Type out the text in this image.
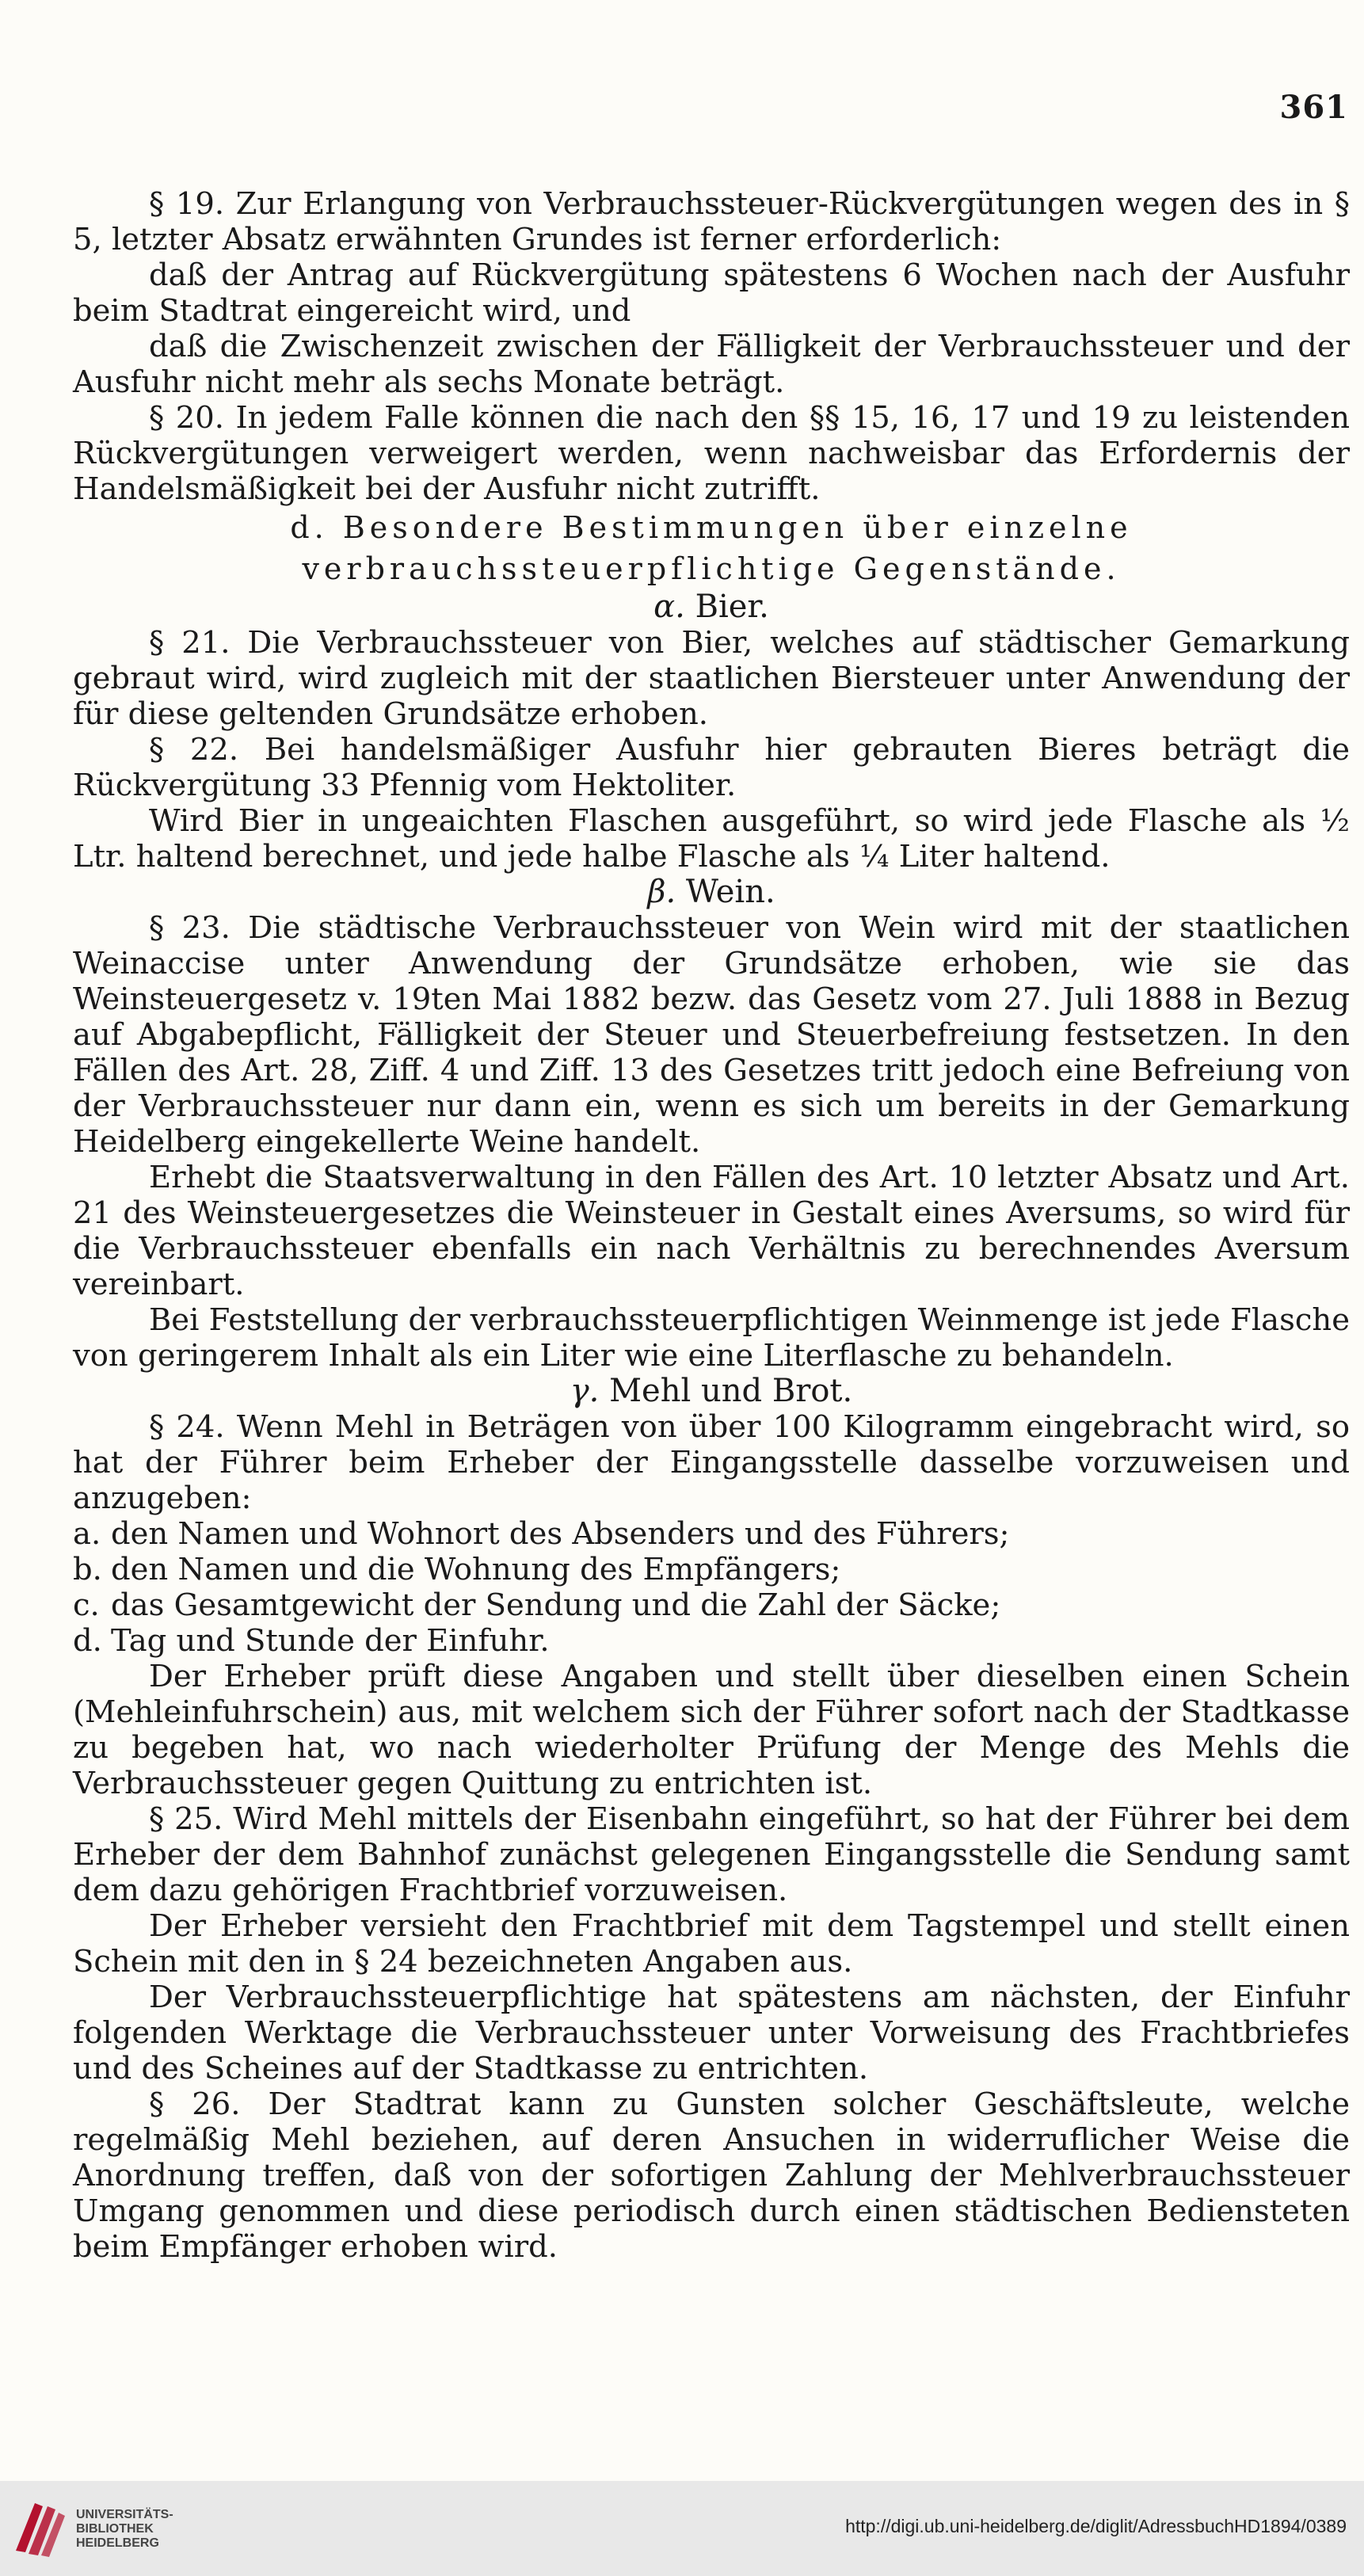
361

§ 19. Zur Erlangung von Verbrauchssteuer-Rückvergütungen wegen des in § 5, letzter Absatz erwähnten Grundes ist ferner erforderlich:

daß der Antrag auf Rückvergütung spätestens 6 Wochen nach der Ausfuhr beim Stadtrat eingereicht wird, und

daß die Zwischenzeit zwischen der Fälligkeit der Verbrauchssteuer und der Ausfuhr nicht mehr als sechs Monate beträgt.

§ 20. In jedem Falle können die nach den §§ 15, 16, 17 und 19 zu leistenden Rückvergütungen verweigert werden, wenn nachweisbar das Erfordernis der Handelsmäßigkeit bei der Ausfuhr nicht zutrifft.

d. Besondere Bestimmungen über einzelne verbrauchssteuerpflichtige Gegenstände.

α. Bier.

§ 21. Die Verbrauchssteuer von Bier, welches auf städtischer Gemarkung gebraut wird, wird zugleich mit der staatlichen Biersteuer unter Anwendung der für diese geltenden Grundsätze erhoben.

§ 22. Bei handelsmäßiger Ausfuhr hier gebrauten Bieres beträgt die Rückvergütung 33 Pfennig vom Hektoliter.

Wird Bier in ungeaichten Flaschen ausgeführt, so wird jede Flasche als ½ Ltr. haltend berechnet, und jede halbe Flasche als ¼ Liter haltend.

β. Wein.

§ 23. Die städtische Verbrauchssteuer von Wein wird mit der staatlichen Weinaccise unter Anwendung der Grundsätze erhoben, wie sie das Weinsteuergesetz v. 19ten Mai 1882 bezw. das Gesetz vom 27. Juli 1888 in Bezug auf Abgabepflicht, Fälligkeit der Steuer und Steuerbefreiung festsetzen. In den Fällen des Art. 28, Ziff. 4 und Ziff. 13 des Gesetzes tritt jedoch eine Befreiung von der Verbrauchssteuer nur dann ein, wenn es sich um bereits in der Gemarkung Heidelberg eingekellerte Weine handelt.

Erhebt die Staatsverwaltung in den Fällen des Art. 10 letzter Absatz und Art. 21 des Weinsteuergesetzes die Weinsteuer in Gestalt eines Aversums, so wird für die Verbrauchssteuer ebenfalls ein nach Verhältnis zu berechnendes Aversum vereinbart.

Bei Feststellung der verbrauchssteuerpflichtigen Weinmenge ist jede Flasche von geringerem Inhalt als ein Liter wie eine Literflasche zu behandeln.

γ. Mehl und Brot.

§ 24. Wenn Mehl in Beträgen von über 100 Kilogramm eingebracht wird, so hat der Führer beim Erheber der Eingangsstelle dasselbe vorzuweisen und anzugeben:

a. den Namen und Wohnort des Absenders und des Führers;

b. den Namen und die Wohnung des Empfängers;

c. das Gesamtgewicht der Sendung und die Zahl der Säcke;

d. Tag und Stunde der Einfuhr.

Der Erheber prüft diese Angaben und stellt über dieselben einen Schein (Mehleinfuhrschein) aus, mit welchem sich der Führer sofort nach der Stadtkasse zu begeben hat, wo nach wiederholter Prüfung der Menge des Mehls die Verbrauchssteuer gegen Quittung zu entrichten ist.

§ 25. Wird Mehl mittels der Eisenbahn eingeführt, so hat der Führer bei dem Erheber der dem Bahnhof zunächst gelegenen Eingangsstelle die Sendung samt dem dazu gehörigen Frachtbrief vorzuweisen.

Der Erheber versieht den Frachtbrief mit dem Tagstempel und stellt einen Schein mit den in § 24 bezeichneten Angaben aus.

Der Verbrauchssteuerpflichtige hat spätestens am nächsten, der Einfuhr folgenden Werktage die Verbrauchssteuer unter Vorweisung des Frachtbriefes und des Scheines auf der Stadtkasse zu entrichten.

§ 26. Der Stadtrat kann zu Gunsten solcher Geschäftsleute, welche regelmäßig Mehl beziehen, auf deren Ansuchen in widerruflicher Weise die Anordnung treffen, daß von der sofortigen Zahlung der Mehlverbrauchssteuer Umgang genommen und diese periodisch durch einen städtischen Bediensteten beim Empfänger erhoben wird.

UNIVERSITÄTS-
BIBLIOTHEK
HEIDELBERG
http://digi.ub.uni-heidelberg.de/diglit/AdressbuchHD1894/0389
